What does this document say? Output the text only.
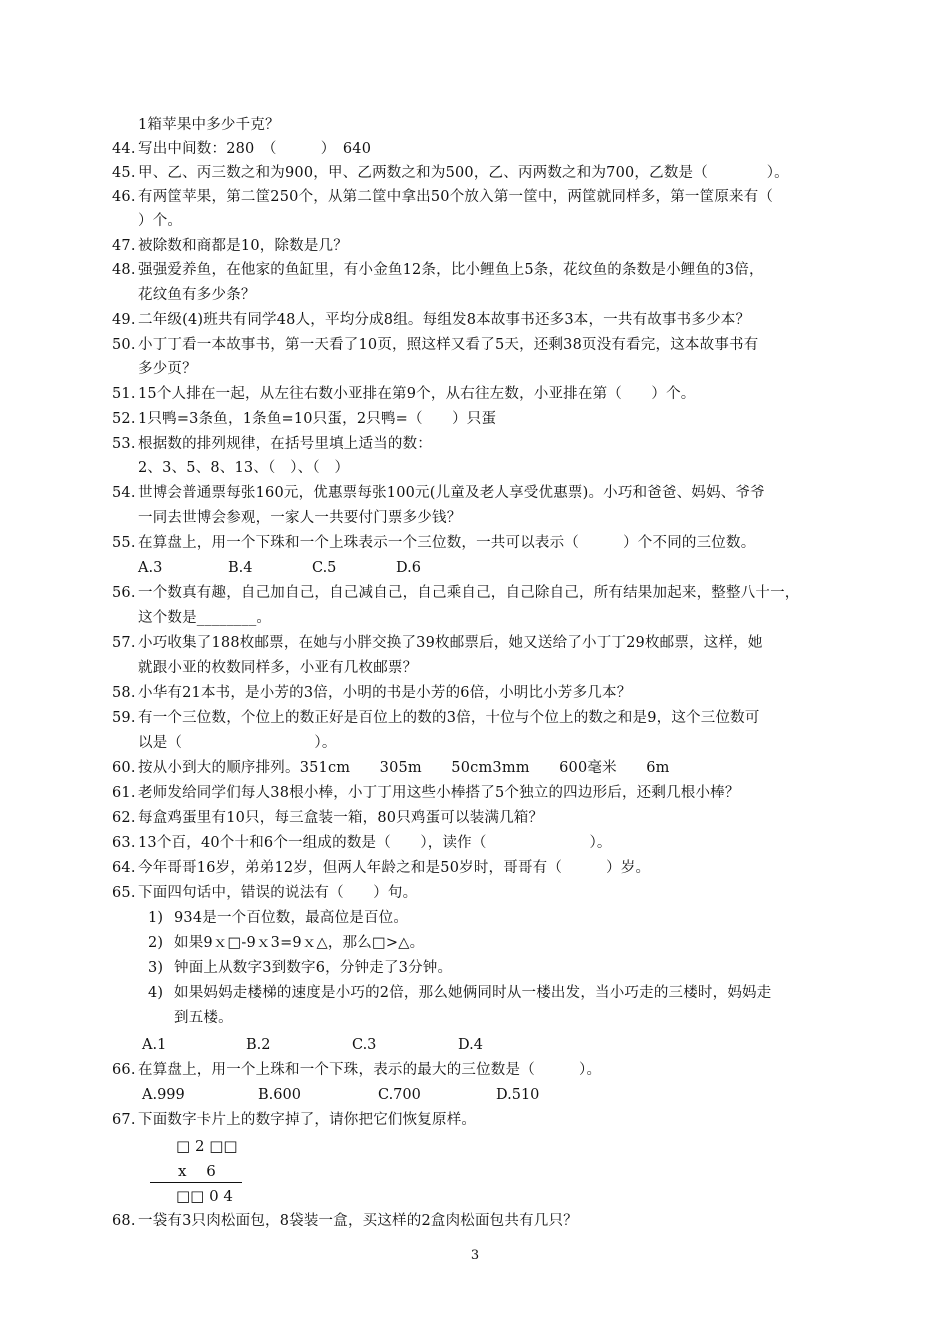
1箱苹果中多少千克？
44. 写出中间数：280　（　　　）　640
45. 甲、乙、丙三数之和为900，甲、乙两数之和为500，乙、丙两数之和为700，乙数是（　　　　）。
46. 有两筐苹果，第二筐250个，从第二筐中拿出50个放入第一筐中，两筐就同样多，第一筐原来有（
）个。
47. 被除数和商都是10，除数是几？
48. 强强爱养鱼，在他家的鱼缸里，有小金鱼12条，比小鲤鱼上5条，花纹鱼的条数是小鲤鱼的3倍，
花纹鱼有多少条？
49. 二年级(4)班共有同学48人，平均分成8组。每组发8本故事书还多3本，一共有故事书多少本？
50. 小丁丁看一本故事书，第一天看了10页，照这样又看了5天，还剩38页没有看完，这本故事书有
多少页？
51. 15个人排在一起，从左往右数小亚排在第9个，从右往左数，小亚排在第（　　）个。
52. 1只鸭=3条鱼，1条鱼=10只蛋，2只鸭=（　　）只蛋
53. 根据数的排列规律，在括号里填上适当的数：
2、3、5、8、13、（　）、（　）
54. 世博会普通票每张160元，优惠票每张100元(儿童及老人享受优惠票)。小巧和爸爸、妈妈、爷爷
一同去世博会参观，一家人一共要付门票多少钱？
55. 在算盘上，用一个下珠和一个上珠表示一个三位数，一共可以表示（　　　）个不同的三位数。
A.3	B.4	C.5	D.6
56. 一个数真有趣，自己加自己，自己减自己，自己乘自己，自己除自己，所有结果加起来，整整八十一，
这个数是________。
57. 小巧收集了188枚邮票，在她与小胖交换了39枚邮票后，她又送给了小丁丁29枚邮票，这样，她
就跟小亚的枚数同样多，小亚有几枚邮票？
58. 小华有21本书，是小芳的3倍，小明的书是小芳的6倍，小明比小芳多几本？
59. 有一个三位数，个位上的数正好是百位上的数的3倍，十位与个位上的数之和是9，这个三位数可
以是（　　　　　　　　　）。
60. 按从小到大的顺序排列。351cm　　305m　　50cm3mm　　600毫米　　6m
61. 老师发给同学们每人38根小棒，小丁丁用这些小棒搭了5个独立的四边形后，还剩几根小棒？
62. 每盒鸡蛋里有10只，每三盒装一箱，80只鸡蛋可以装满几箱？
63. 13个百，40个十和6个一组成的数是（　　），读作（　　　　　　　）。
64. 今年哥哥16岁，弟弟12岁，但两人年龄之和是50岁时，哥哥有（　　　）岁。
65. 下面四句话中，错误的说法有（　　）句。
1) 934是一个百位数，最高位是百位。
2) 如果9ｘ□-9ｘ3=9ｘ△，那么□>△。
3) 钟面上从数字3到数字6，分钟走了3分钟。
4) 如果妈妈走楼梯的速度是小巧的2倍，那么她俩同时从一楼出发，当小巧走的三楼时，妈妈走
到五楼。
A.1	B.2	C.3	D.4
66. 在算盘上，用一个上珠和一个下珠，表示的最大的三位数是（　　　）。
A.999	B.600	C.700	D.510
67. 下面数字卡片上的数字掉了，请你把它们恢复原样。
□ 2 □□
x　 6
□□ 0 4
68. 一袋有3只肉松面包，8袋装一盒，买这样的2盒肉松面包共有几只？
3
